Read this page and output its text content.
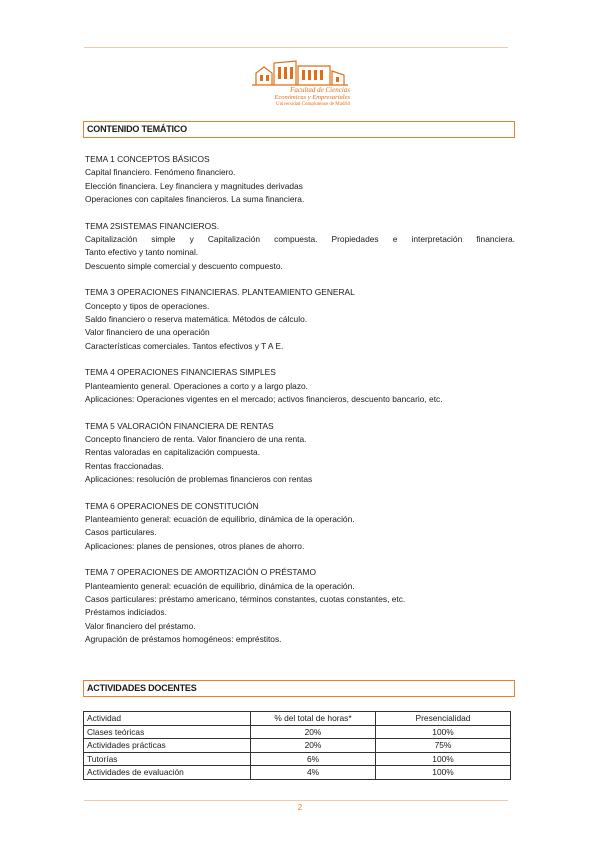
Facultad de Ciencias
Económicas y Empresariales
Universidad Complutense de Madrid
CONTENIDO TEMÁTICO
TEMA 1 CONCEPTOS BÁSICOS
Capital financiero. Fenómeno financiero.
Elección financiera. Ley financiera y magnitudes derivadas
Operaciones con capitales financieros. La suma financiera.
TEMA 2SISTEMAS FINANCIEROS.
Capitalización simple y Capitalización compuesta. Propiedades e interpretación financiera.
Tanto efectivo y tanto nominal.
Descuento simple comercial y descuento compuesto.
TEMA 3 OPERACIONES FINANCIERAS. PLANTEAMIENTO GENERAL
Concepto y tipos de operaciones.
Saldo financiero o reserva matemática. Métodos de cálculo.
Valor financiero de una operación
Características comerciales. Tantos efectivos y T A E.
TEMA 4 OPERACIONES FINANCIERAS SIMPLES
Planteamiento general. Operaciones a corto y a largo plazo.
Aplicaciones: Operaciones vigentes en el mercado; activos financieros, descuento bancario, etc.
TEMA 5 VALORACIÓN FINANCIERA DE RENTAS
Concepto financiero de renta. Valor financiero de una renta.
Rentas valoradas en capitalización compuesta.
Rentas fraccionadas.
Aplicaciones: resolución de problemas financieros con rentas
TEMA 6 OPERACIONES DE CONSTITUCIÓN
Planteamiento general: ecuación de equilibrio, dinámica de la operación.
Casos particulares.
Aplicaciones: planes de pensiones, otros planes de ahorro.
TEMA 7 OPERACIONES DE AMORTIZACIÓN O PRÉSTAMO
Planteamiento general: ecuación de equilibrio, dinámica de la operación.
Casos particulares: préstamo americano, términos constantes, cuotas constantes, etc.
Préstamos indiciados.
Valor financiero del préstamo.
Agrupación de préstamos homogéneos: empréstitos.
ACTIVIDADES DOCENTES
Actividad	% del total de horas*	Presencialidad
Clases teóricas	20%	100%
Actividades prácticas	20%	75%
Tutorías	6%	100%
Actividades de evaluación	4%	100%
2
